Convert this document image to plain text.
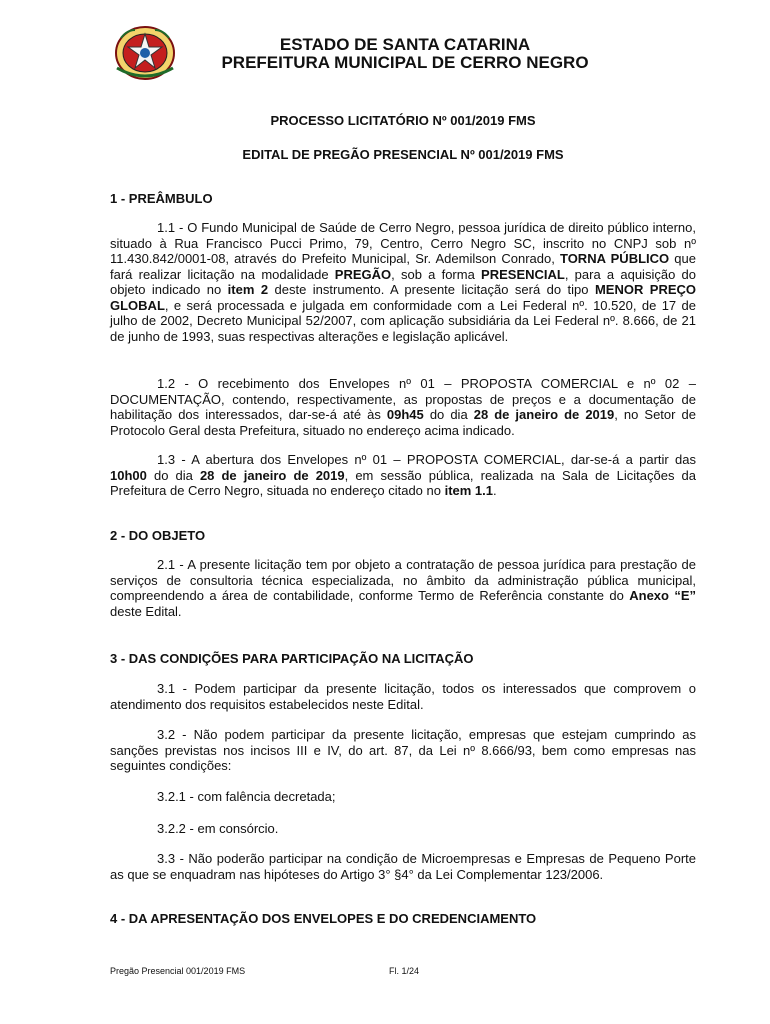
ESTADO DE SANTA CATARINA
PREFEITURA MUNICIPAL DE CERRO NEGRO
PROCESSO LICITATÓRIO Nº 001/2019 FMS
EDITAL DE PREGÃO PRESENCIAL Nº 001/2019 FMS
1 - PREÂMBULO
1.1 - O Fundo Municipal de Saúde de Cerro Negro, pessoa jurídica de direito público interno, situado à Rua Francisco Pucci Primo, 79, Centro, Cerro Negro SC, inscrito no CNPJ sob nº 11.430.842/0001-08, através do Prefeito Municipal, Sr. Ademilson Conrado, TORNA PÚBLICO que fará realizar licitação na modalidade PREGÃO, sob a forma PRESENCIAL, para a aquisição do objeto indicado no item 2 deste instrumento. A presente licitação será do tipo MENOR PREÇO GLOBAL, e será processada e julgada em conformidade com a Lei Federal nº. 10.520, de 17 de julho de 2002, Decreto Municipal 52/2007, com aplicação subsidiária da Lei Federal nº. 8.666, de 21 de junho de 1993, suas respectivas alterações e legislação aplicável.
1.2 - O recebimento dos Envelopes nº 01 – PROPOSTA COMERCIAL e nº 02 – DOCUMENTAÇÃO, contendo, respectivamente, as propostas de preços e a documentação de habilitação dos interessados, dar-se-á até às 09h45 do dia 28 de janeiro de 2019, no Setor de Protocolo Geral desta Prefeitura, situado no endereço acima indicado.
1.3 - A abertura dos Envelopes nº 01 – PROPOSTA COMERCIAL, dar-se-á a partir das 10h00 do dia 28 de janeiro de 2019, em sessão pública, realizada na Sala de Licitações da Prefeitura de Cerro Negro, situada no endereço citado no item 1.1.
2 - DO OBJETO
2.1 - A presente licitação tem por objeto a contratação de pessoa jurídica para prestação de serviços de consultoria técnica especializada, no âmbito da administração pública municipal, compreendendo a área de contabilidade, conforme Termo de Referência constante do Anexo “E” deste Edital.
3 - DAS CONDIÇÕES PARA PARTICIPAÇÃO NA LICITAÇÃO
3.1 - Podem participar da presente licitação, todos os interessados que comprovem o atendimento dos requisitos estabelecidos neste Edital.
3.2 - Não podem participar da presente licitação, empresas que estejam cumprindo as sanções previstas nos incisos III e IV, do art. 87, da Lei nº 8.666/93, bem como empresas nas seguintes condições:
3.2.1 - com falência decretada;
3.2.2 - em consórcio.
3.3 - Não poderão participar na condição de Microempresas e Empresas de Pequeno Porte as que se enquadram nas hipóteses do Artigo 3° §4° da Lei Complementar 123/2006.
4 - DA APRESENTAÇÃO DOS ENVELOPES E DO CREDENCIAMENTO
Pregão Presencial 001/2019 FMS	Fl. 1/24
